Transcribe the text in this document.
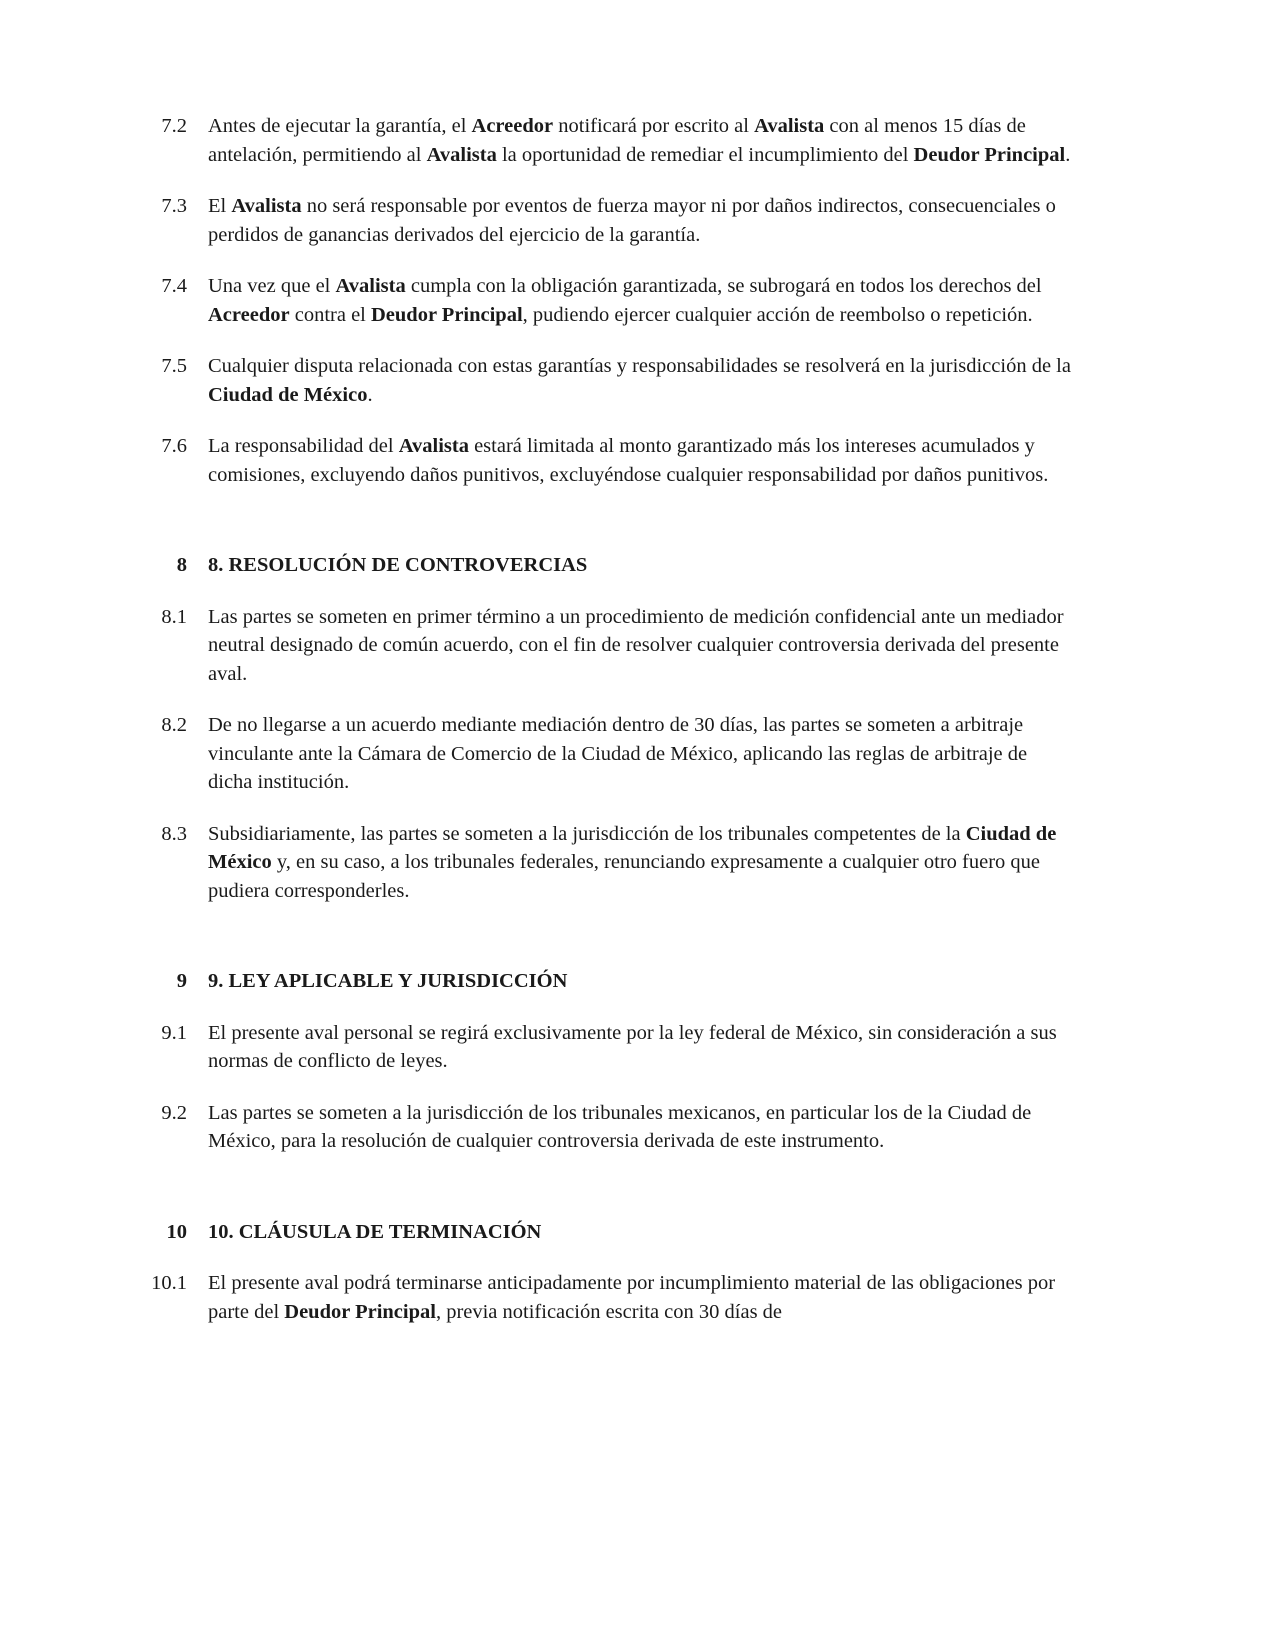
7.2 Antes de ejecutar la garantía, el Acreedor notificará por escrito al Avalista con al menos 15 días de antelación, permitiendo al Avalista la oportunidad de remediar el incumplimiento del Deudor Principal.
7.3 El Avalista no será responsable por eventos de fuerza mayor ni por daños indirectos, consecuenciales o perdidos de ganancias derivados del ejercicio de la garantía.
7.4 Una vez que el Avalista cumpla con la obligación garantizada, se subrogará en todos los derechos del Acreedor contra el Deudor Principal, pudiendo ejercer cualquier acción de reembolso o repetición.
7.5 Cualquier disputa relacionada con estas garantías y responsabilidades se resolverá en la jurisdicción de la Ciudad de México.
7.6 La responsabilidad del Avalista estará limitada al monto garantizado más los intereses acumulados y comisiones, excluyendo daños punitivos, excluyéndose cualquier responsabilidad por daños punitivos.
8 8. RESOLUCIÓN DE CONTROVERCIAS
8.1 Las partes se someten en primer término a un procedimiento de medición confidencial ante un mediador neutral designado de común acuerdo, con el fin de resolver cualquier controversia derivada del presente aval.
8.2 De no llegarse a un acuerdo mediante mediación dentro de 30 días, las partes se someten a arbitraje vinculante ante la Cámara de Comercio de la Ciudad de México, aplicando las reglas de arbitraje de dicha institución.
8.3 Subsidiariamente, las partes se someten a la jurisdicción de los tribunales competentes de la Ciudad de México y, en su caso, a los tribunales federales, renunciando expresamente a cualquier otro fuero que pudiera corresponderles.
9 9. LEY APLICABLE Y JURISDICCIÓN
9.1 El presente aval personal se regirá exclusivamente por la ley federal de México, sin consideración a sus normas de conflicto de leyes.
9.2 Las partes se someten a la jurisdicción de los tribunales mexicanos, en particular los de la Ciudad de México, para la resolución de cualquier controversia derivada de este instrumento.
10 10. CLÁUSULA DE TERMINACIÓN
10.1 El presente aval podrá terminarse anticipadamente por incumplimiento material de las obligaciones por parte del Deudor Principal, previa notificación escrita con 30 días de
